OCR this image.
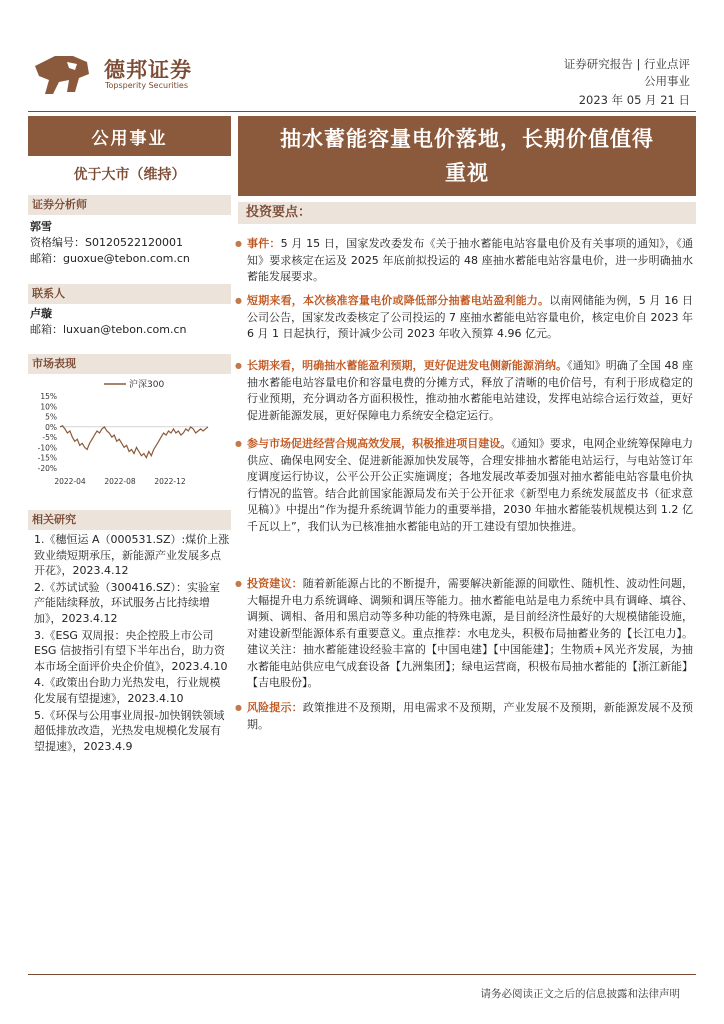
德邦证券
Topsperity Securities
证券研究报告 | 行业点评
公用事业
2023 年 05 月 21 日
公用事业
优于大市（维持）
证券分析师
郭雪
资格编号：S0120522120001
邮箱：guoxue@tebon.com.cn
联系人
卢璇
邮箱：luxuan@tebon.com.cn
市场表现
15%
10%
5%
0%
-5%
-10%
-15%
-20%
2022-04 2022-08 2022-12
沪深300
相关研究
1.《穗恒运 A（000531.SZ）:煤价上涨致业绩短期承压，新能源产业发展多点开花》，2023.4.12
2.《苏试试验（300416.SZ）：实验室产能陆续释放，环试服务占比持续增加》，2023.4.12
3.《ESG 双周报：央企控股上市公司 ESG 信披指引有望下半年出台，助力资本市场全面评价央企价值》，2023.4.10
4.《政策出台助力光热发电，行业规模化发展有望提速》，2023.4.10
5.《环保与公用事业周报-加快钢铁领域超低排放改造，光热发电规模化发展有望提速》，2023.4.9
抽水蓄能容量电价落地，长期价值值得
重视
投资要点：
● 事件：5 月 15 日，国家发改委发布《关于抽水蓄能电站容量电价及有关事项的通知》，《通知》要求核定在运及 2025 年底前拟投运的 48 座抽水蓄能电站容量电价，进一步明确抽水蓄能发展要求。
● 短期来看，本次核准容量电价或降低部分抽蓄电站盈利能力。以南网储能为例，5 月 16 日公司公告，国家发改委核定了公司投运的 7 座抽水蓄能电站容量电价，核定电价自 2023 年 6 月 1 日起执行，预计减少公司 2023 年收入预算 4.96 亿元。
● 长期来看，明确抽水蓄能盈利预期，更好促进发电侧新能源消纳。《通知》明确了全国 48 座抽水蓄能电站容量电价和容量电费的分摊方式，释放了清晰的电价信号，有利于形成稳定的行业预期，充分调动各方面积极性，推动抽水蓄能电站建设，发挥电站综合运行效益，更好促进新能源发展，更好保障电力系统安全稳定运行。
● 参与市场促进经营合规高效发展，积极推进项目建设。《通知》要求，电网企业统筹保障电力供应、确保电网安全、促进新能源加快发展等，合理安排抽水蓄能电站运行，与电站签订年度调度运行协议，公平公开公正实施调度；各地发展改革委加强对抽水蓄能电站容量电价执行情况的监管。结合此前国家能源局发布关于公开征求《新型电力系统发展蓝皮书（征求意见稿）》中提出“作为提升系统调节能力的重要举措，2030 年抽水蓄能装机规模达到 1.2 亿千瓦以上”，我们认为已核准抽水蓄能电站的开工建设有望加快推进。
● 投资建议：随着新能源占比的不断提升，需要解决新能源的间歇性、随机性、波动性问题，大幅提升电力系统调峰、调频和调压等能力。抽水蓄能电站是电力系统中具有调峰、填谷、调频、调相、备用和黑启动等多种功能的特殊电源，是目前经济性最好的大规模储能设施，对建设新型能源体系有重要意义。重点推荐：水电龙头，积极布局抽蓄业务的【长江电力】。建议关注：抽水蓄能建设经验丰富的【中国电建】【中国能建】；生物质+风光齐发展，为抽水蓄能电站供应电气成套设备【九洲集团】；绿电运营商，积极布局抽水蓄能的【浙江新能】【吉电股份】。
● 风险提示：政策推进不及预期，用电需求不及预期，产业发展不及预期，新能源发展不及预期。
请务必阅读正文之后的信息披露和法律声明
